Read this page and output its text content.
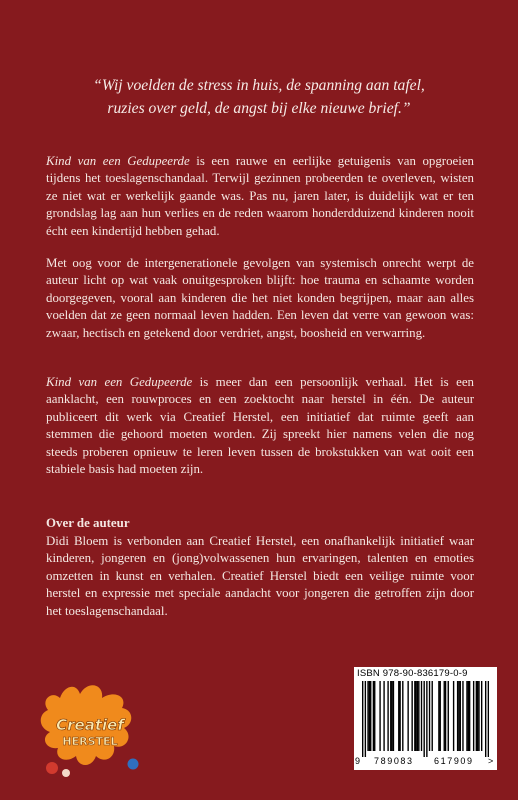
“Wij voelden de stress in huis, de spanning aan tafel,
ruzies over geld, de angst bij elke nieuwe brief.”

Kind van een Gedupeerde is een rauwe en eerlijke getuigenis van opgroeien tijdens het toeslagenschandaal. Terwijl gezinnen probeerden te overleven, wisten ze niet wat er werkelijk gaande was. Pas nu, jaren later, is duidelijk wat er ten grondslag lag aan hun verlies en de reden waarom honderdduizend kinderen nooit écht een kindertijd hebben gehad.

Met oog voor de intergenerationele gevolgen van systemisch onrecht werpt de auteur licht op wat vaak onuitgesproken blijft: hoe trauma en schaamte worden doorgegeven, vooral aan kinderen die het niet konden begrijpen, maar aan alles voelden dat ze geen normaal leven hadden. Een leven dat verre van gewoon was: zwaar, hectisch en getekend door verdriet, angst, boosheid en verwarring.

Kind van een Gedupeerde is meer dan een persoonlijk verhaal. Het is een aanklacht, een rouwproces en een zoektocht naar herstel in één. De auteur publiceert dit werk via Creatief Herstel, een initiatief dat ruimte geeft aan stemmen die gehoord moeten worden. Zij spreekt hier namens velen die nog steeds proberen opnieuw te leren leven tussen de brokstukken van wat ooit een stabiele basis had moeten zijn.

Over de auteur

Didi Bloem is verbonden aan Creatief Herstel, een onafhankelijk initiatief waar kinderen, jongeren en (jong)volwassenen hun ervaringen, talenten en emoties omzetten in kunst en verhalen. Creatief Herstel biedt een veilige ruimte voor herstel en expressie met speciale aandacht voor jongeren die getroffen zijn door het toeslagenschandaal.

Creatief
HERSTEL
ISBN 978-90-836179-0-9
9 789083 617909 >
